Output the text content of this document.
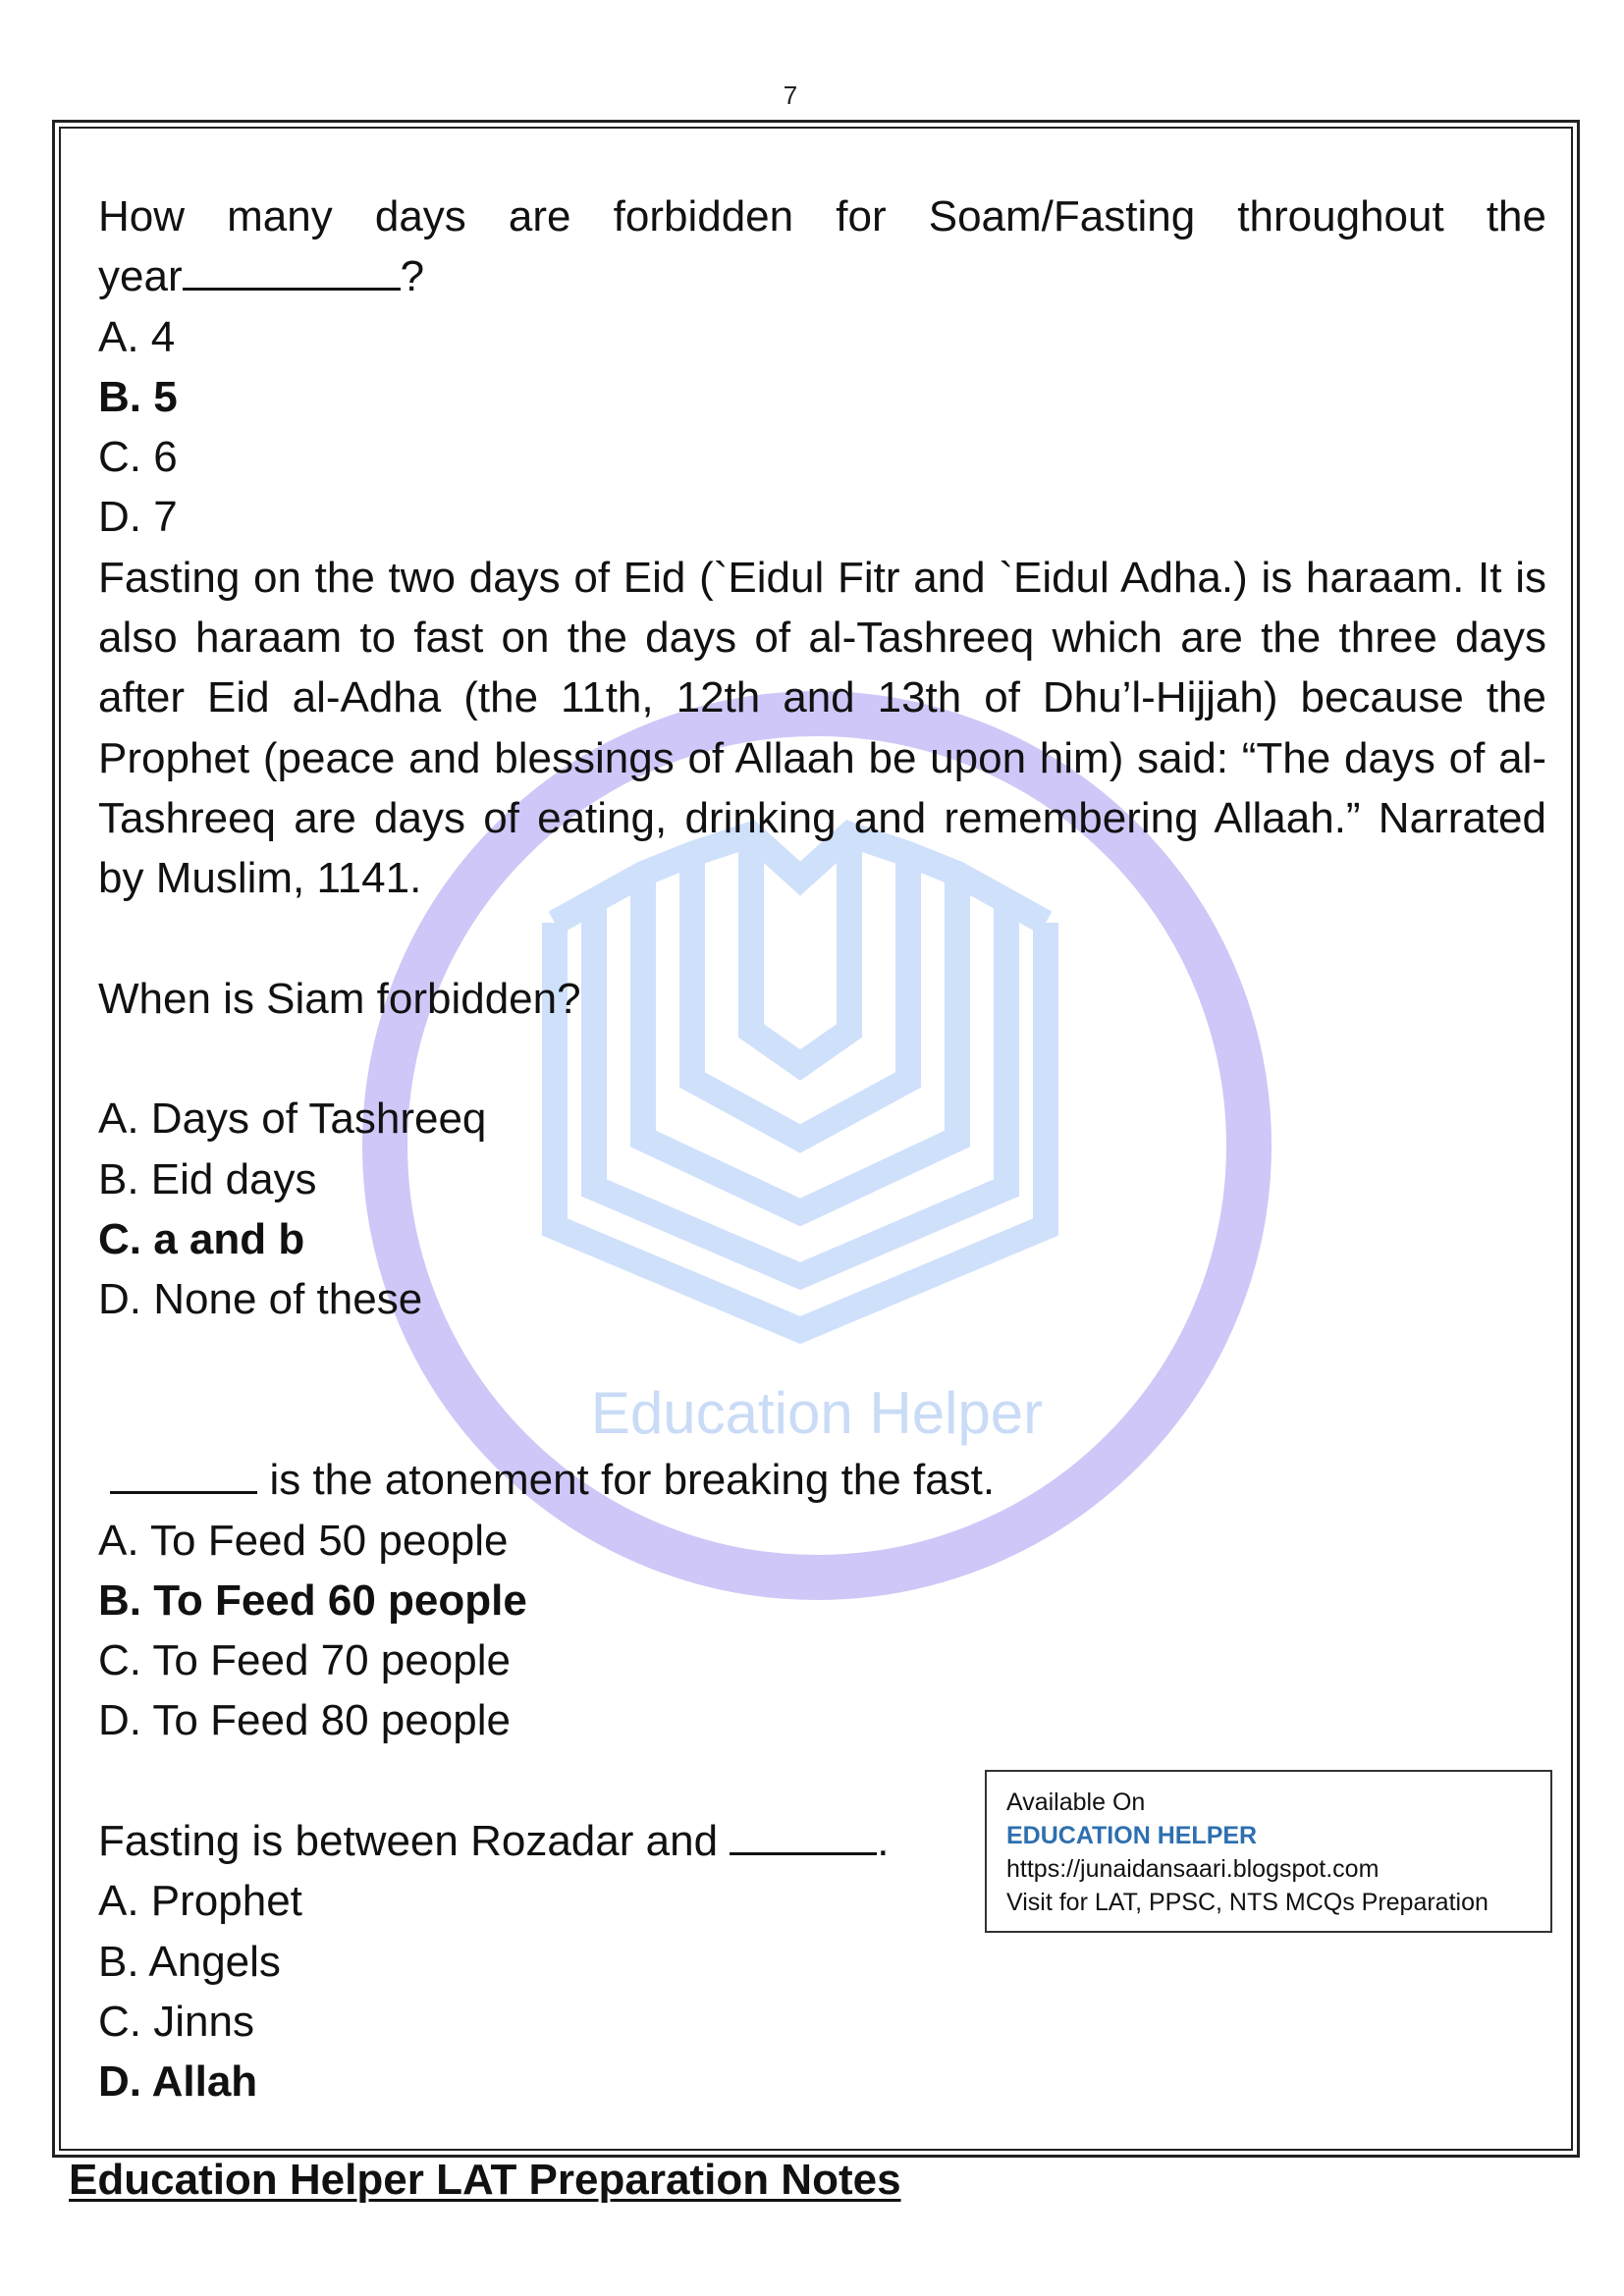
7
Education Helper

How many days are forbidden for Soam/Fasting throughout the

year	?

A. 4

B. 5

C. 6

D. 7

Fasting on the two days of Eid (`Eidul Fitr and `Eidul Adha.) is haraam. It is also haraam to fast on the days of al-Tashreeq which are the three days after Eid al-Adha (the 11th, 12th and 13th of Dhu’l-Hijjah) because the Prophet (peace and blessings of Allaah be upon him) said: “The days of al-Tashreeq are days of eating, drinking and remembering Allaah.” Narrated by Muslim, 1141.

When is Siam forbidden?

A. Days of Tashreeq

B. Eid days

C. a and b

D. None of these

is the atonement for breaking the fast.

A. To Feed 50 people

B. To Feed 60 people

C. To Feed 70 people

D. To Feed 80 people

Fasting is between Rozadar and	.

A. Prophet

B. Angels

C. Jinns

D. Allah

Available On
EDUCATION HELPER
https://junaidansaari.blogspot.com
Visit for LAT, PPSC, NTS MCQs Preparation
Education Helper LAT Preparation Notes
